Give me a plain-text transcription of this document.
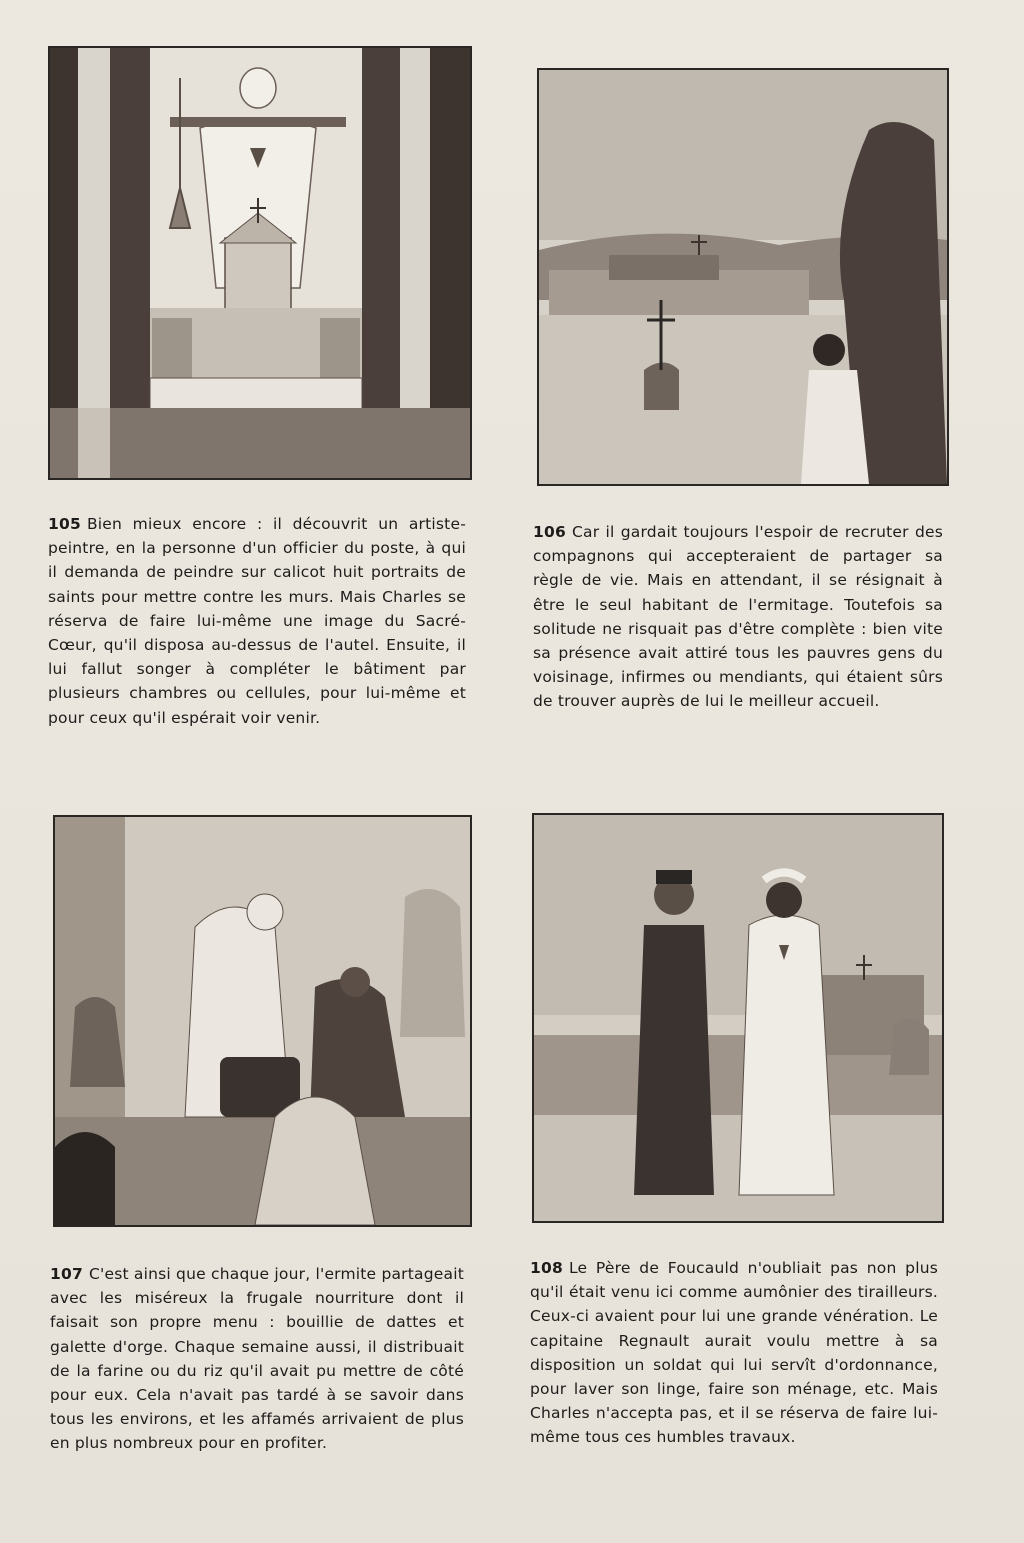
105 Bien mieux encore : il découvrit un artiste-peintre, en la personne d'un officier du poste, à qui il demanda de peindre sur calicot huit portraits de saints pour mettre contre les murs. Mais Charles se réserva de faire lui-même une image du Sacré-Cœur, qu'il disposa au-dessus de l'autel. Ensuite, il lui fallut songer à compléter le bâtiment par plusieurs chambres ou cellules, pour lui-même et pour ceux qu'il espérait voir venir.
106 Car il gardait toujours l'espoir de recruter des compagnons qui accepteraient de partager sa règle de vie. Mais en attendant, il se résignait à être le seul habitant de l'ermitage. Toutefois sa solitude ne risquait pas d'être complète : bien vite sa présence avait attiré tous les pauvres gens du voisinage, infirmes ou mendiants, qui étaient sûrs de trouver auprès de lui le meilleur accueil.
107 C'est ainsi que chaque jour, l'ermite partageait avec les miséreux la frugale nourriture dont il faisait son propre menu : bouillie de dattes et galette d'orge. Chaque semaine aussi, il distribuait de la farine ou du riz qu'il avait pu mettre de côté pour eux. Cela n'avait pas tardé à se savoir dans tous les environs, et les affamés arrivaient de plus en plus nombreux pour en profiter.
108 Le Père de Foucauld n'oubliait pas non plus qu'il était venu ici comme aumônier des tirailleurs. Ceux-ci avaient pour lui une grande vénération. Le capitaine Regnault aurait voulu mettre à sa disposition un soldat qui lui servît d'ordonnance, pour laver son linge, faire son ménage, etc. Mais Charles n'accepta pas, et il se réserva de faire lui-même tous ces humbles travaux.
